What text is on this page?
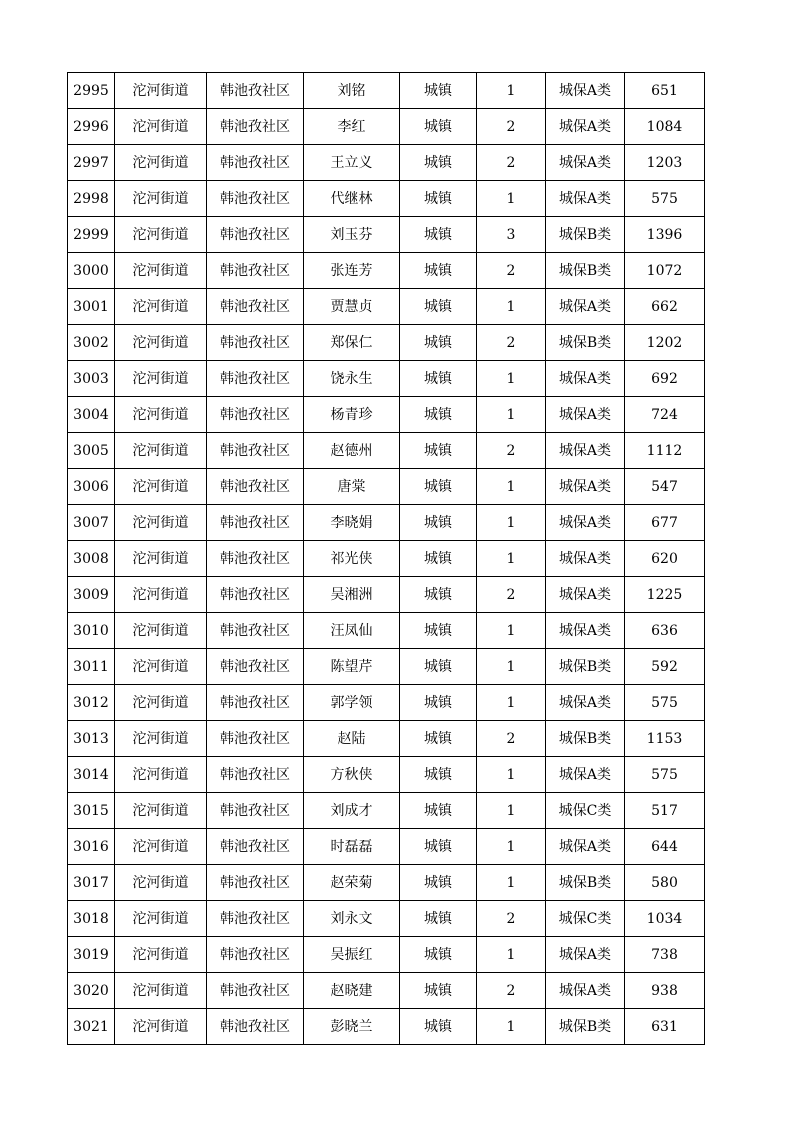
2995	沱河街道	韩池孜社区	刘铭	城镇	1	城保A类	651
2996	沱河街道	韩池孜社区	李红	城镇	2	城保A类	1084
2997	沱河街道	韩池孜社区	王立义	城镇	2	城保A类	1203
2998	沱河街道	韩池孜社区	代继林	城镇	1	城保A类	575
2999	沱河街道	韩池孜社区	刘玉芬	城镇	3	城保B类	1396
3000	沱河街道	韩池孜社区	张连芳	城镇	2	城保B类	1072
3001	沱河街道	韩池孜社区	贾慧贞	城镇	1	城保A类	662
3002	沱河街道	韩池孜社区	郑保仁	城镇	2	城保B类	1202
3003	沱河街道	韩池孜社区	饶永生	城镇	1	城保A类	692
3004	沱河街道	韩池孜社区	杨青珍	城镇	1	城保A类	724
3005	沱河街道	韩池孜社区	赵德州	城镇	2	城保A类	1112
3006	沱河街道	韩池孜社区	唐棠	城镇	1	城保A类	547
3007	沱河街道	韩池孜社区	李晓娟	城镇	1	城保A类	677
3008	沱河街道	韩池孜社区	祁光侠	城镇	1	城保A类	620
3009	沱河街道	韩池孜社区	吴湘洲	城镇	2	城保A类	1225
3010	沱河街道	韩池孜社区	汪凤仙	城镇	1	城保A类	636
3011	沱河街道	韩池孜社区	陈望芹	城镇	1	城保B类	592
3012	沱河街道	韩池孜社区	郭学领	城镇	1	城保A类	575
3013	沱河街道	韩池孜社区	赵陆	城镇	2	城保B类	1153
3014	沱河街道	韩池孜社区	方秋侠	城镇	1	城保A类	575
3015	沱河街道	韩池孜社区	刘成才	城镇	1	城保C类	517
3016	沱河街道	韩池孜社区	时磊磊	城镇	1	城保A类	644
3017	沱河街道	韩池孜社区	赵荣菊	城镇	1	城保B类	580
3018	沱河街道	韩池孜社区	刘永文	城镇	2	城保C类	1034
3019	沱河街道	韩池孜社区	吴振红	城镇	1	城保A类	738
3020	沱河街道	韩池孜社区	赵晓建	城镇	2	城保A类	938
3021	沱河街道	韩池孜社区	彭晓兰	城镇	1	城保B类	631
